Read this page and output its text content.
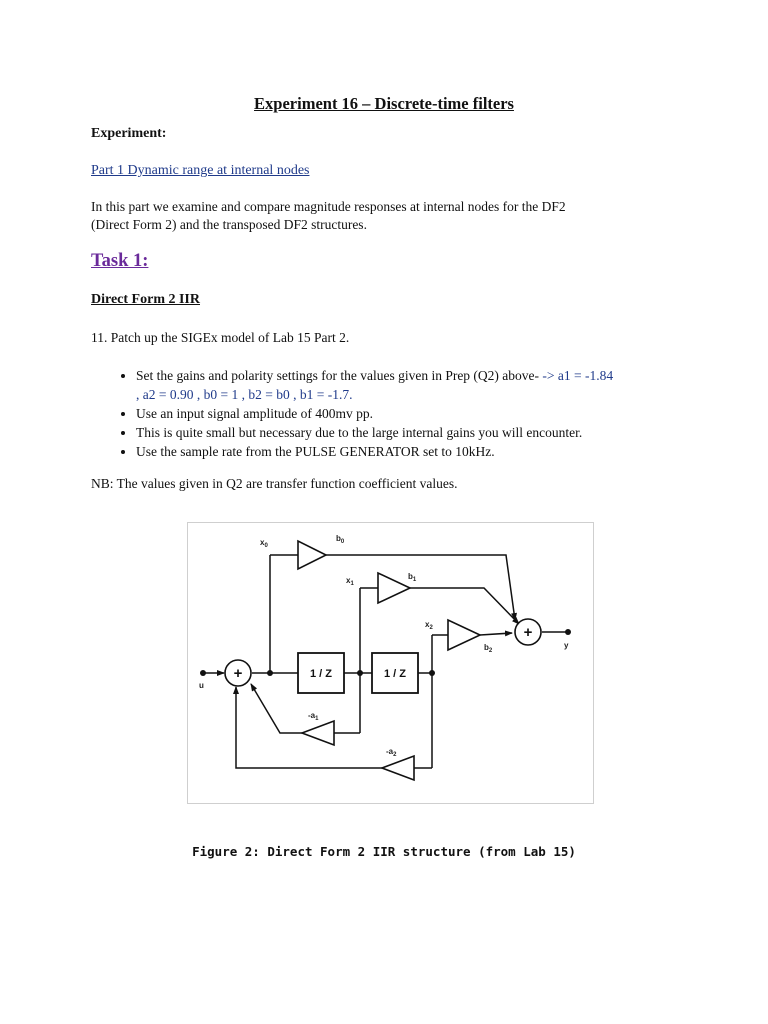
Experiment 16 – Discrete-time filters
Experiment:
Part 1 Dynamic range at internal nodes
In this part we examine and compare magnitude responses at internal nodes for the DF2
(Direct Form 2) and the transposed DF2 structures.
Task 1:
Direct Form 2 IIR
11. Patch up the SIGEx model of Lab 15 Part 2.
• Set the gains and polarity settings for the values given in Prep (Q2) above- -> a1 = -1.84
, a2 = 0.90 , b0 = 1 , b2 = b0 , b1 = -1.7.
• Use an input signal amplitude of 400mv pp.
• This is quite small but necessary due to the large internal gains you will encounter.
• Use the sample rate from the PULSE GENERATOR set to 10kHz.
NB: The values given in Q2 are transfer function coefficient values.
+
+
1 / Z	1 / Z
u
y
$x_0$
$x_1$
$x_2$
$b_0$
$b_1$
$b_2$
$-a_1$
$-a_2$
Figure 2: Direct Form 2 IIR structure (from Lab 15)
